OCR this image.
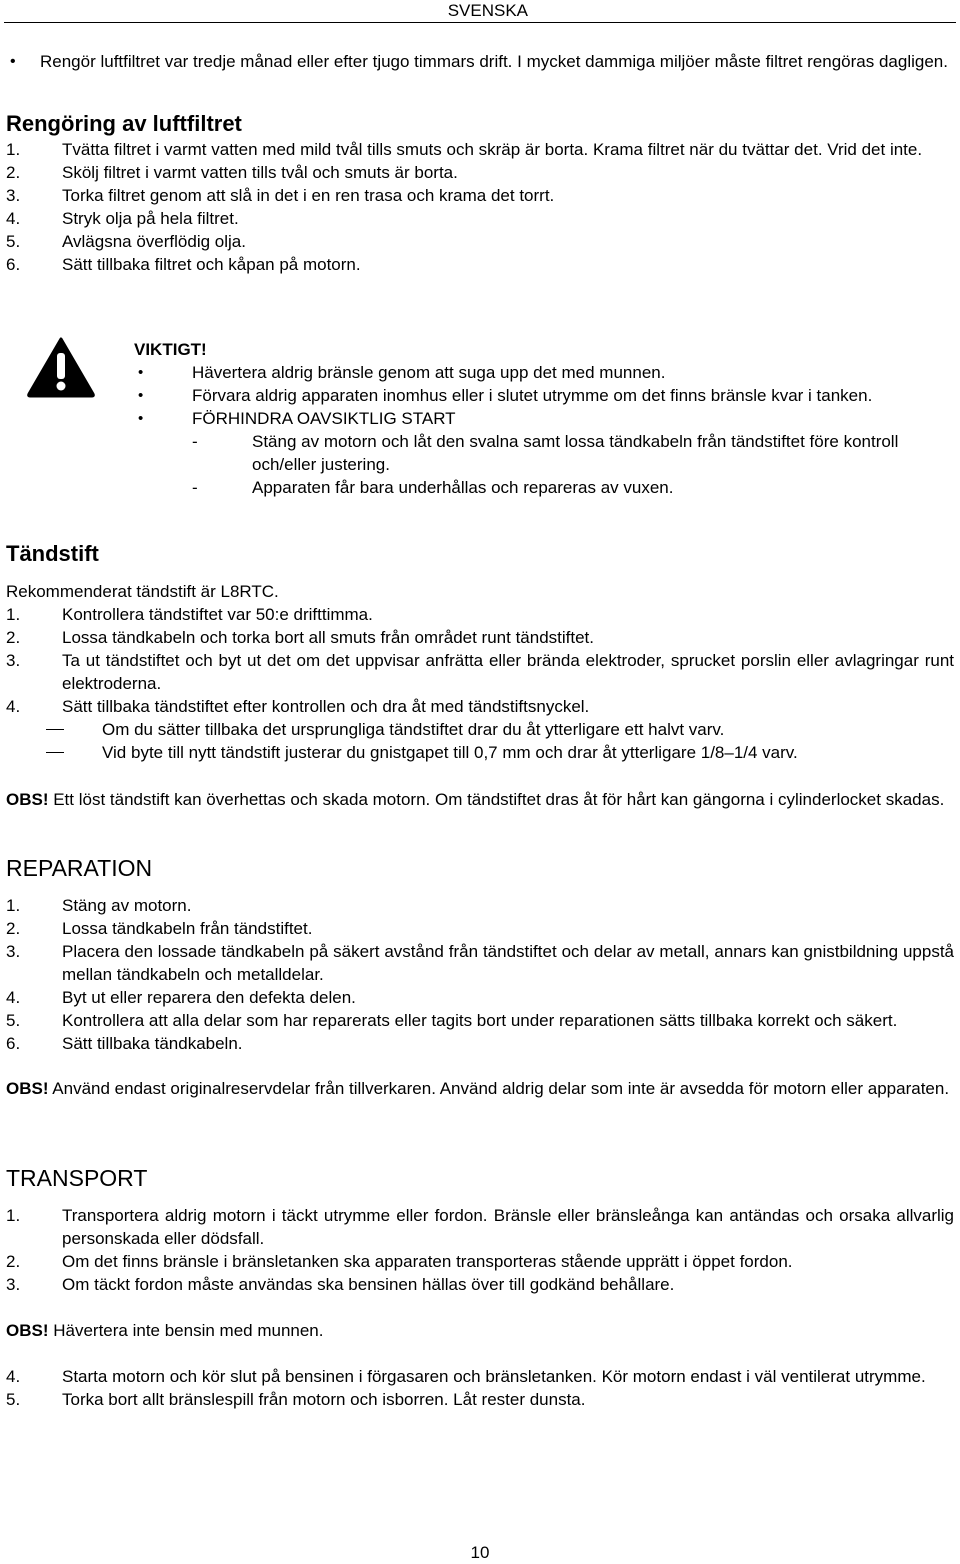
SVENSKA
• Rengör luftfiltret var tredje månad eller efter tjugo timmars drift. I mycket dammiga miljöer måste filtret rengöras dagligen.
Rengöring av luftfiltret
1. Tvätta filtret i varmt vatten med mild tvål tills smuts och skräp är borta. Krama filtret när du tvättar det. Vrid det inte.
2. Skölj filtret i varmt vatten tills tvål och smuts är borta.
3. Torka filtret genom att slå in det i en ren trasa och krama det torrt.
4. Stryk olja på hela filtret.
5. Avlägsna överflödig olja.
6. Sätt tillbaka filtret och kåpan på motorn.
VIKTIGT!
• Hävertera aldrig bränsle genom att suga upp det med munnen.
• Förvara aldrig apparaten inomhus eller i slutet utrymme om det finns bränsle kvar i tanken.
• FÖRHINDRA OAVSIKTLIG START
-	Stäng av motorn och låt den svalna samt lossa tändkabeln från tändstiftet före kontroll och/eller justering.
-	Apparaten får bara underhållas och repareras av vuxen.
Tändstift
Rekommenderat tändstift är L8RTC.
1. Kontrollera tändstiftet var 50:e drifttimma.
2. Lossa tändkabeln och torka bort all smuts från området runt tändstiftet.
3. Ta ut tändstiftet och byt ut det om det uppvisar anfrätta eller brända elektroder, sprucket porslin eller avlagringar runt elektroderna.
4. Sätt tillbaka tändstiftet efter kontrollen och dra åt med tändstiftsnyckel.
Om du sätter tillbaka det ursprungliga tändstiftet drar du åt ytterligare ett halvt varv.
Vid byte till nytt tändstift justerar du gnistgapet till 0,7 mm och drar åt ytterligare 1/8–1/4 varv.
OBS! Ett löst tändstift kan överhettas och skada motorn. Om tändstiftet dras åt för hårt kan gängorna i cylinderlocket skadas.
REPARATION
1. Stäng av motorn.
2. Lossa tändkabeln från tändstiftet.
3. Placera den lossade tändkabeln på säkert avstånd från tändstiftet och delar av metall, annars kan gnistbildning uppstå mellan tändkabeln och metalldelar.
4. Byt ut eller reparera den defekta delen.
5. Kontrollera att alla delar som har reparerats eller tagits bort under reparationen sätts tillbaka korrekt och säkert.
6. Sätt tillbaka tändkabeln.
OBS! Använd endast originalreservdelar från tillverkaren. Använd aldrig delar som inte är avsedda för motorn eller apparaten.
TRANSPORT
1. Transportera aldrig motorn i täckt utrymme eller fordon. Bränsle eller bränsleånga kan antändas och orsaka allvarlig personskada eller dödsfall.
2. Om det finns bränsle i bränsletanken ska apparaten transporteras stående upprätt i öppet fordon.
3. Om täckt fordon måste användas ska bensinen hällas över till godkänd behållare.
OBS! Hävertera inte bensin med munnen.
4. Starta motorn och kör slut på bensinen i förgasaren och bränsletanken. Kör motorn endast i väl ventilerat utrymme.
5. Torka bort allt bränslespill från motorn och isborren. Låt rester dunsta.
10
